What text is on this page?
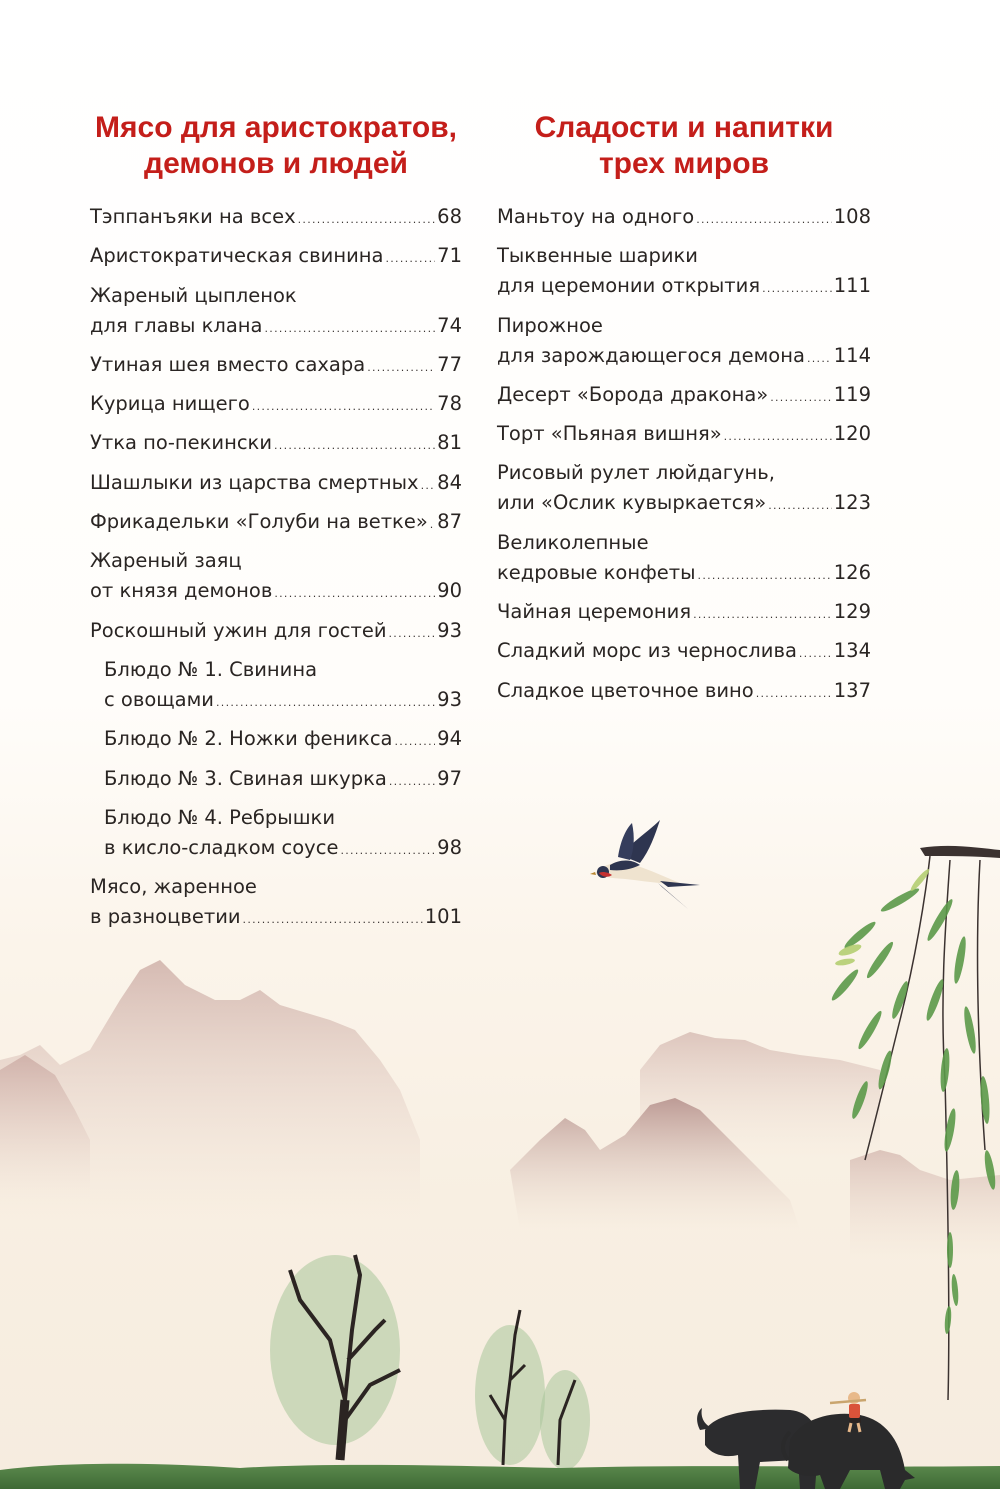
Мясо для аристократов,
демонов и людей
Тэппанъяки на всех .....	68
Аристократическая свинина .....	71
Жареный цыпленок
для главы клана .....	74
Утиная шея вместо сахара .....	77
Курица нищего .....	78
Утка по-пекински .....	81
Шашлыки из царства смертных ..... 84
Фрикадельки «Голуби на ветке» ..... 87
Жареный заяц
от князя демонов .....	90
Роскошный ужин для гостей .....	93
Блюдо № 1. Свинина
с овощами .....	93
Блюдо № 2. Ножки феникса ..... 94
Блюдо № 3. Свиная шкурка .....	97
Блюдо № 4. Ребрышки
в кисло-сладком соусе .....	98
Мясо, жаренное
в разноцветии .....	101
Сладости и напитки
трех миров
Маньтоу на одного .....	108
Тыквенные шарики
для церемонии открытия .....	111
Пирожное
для зарождающегося демона ..... 114
Десерт «Борода дракона» .....	119
Торт «Пьяная вишня» .....	120
Рисовый рулет люйдагунь,
или «Ослик кувыркается» .....	123
Великолепные
кедровые конфеты .....	126
Чайная церемония .....	129
Сладкий морс из чернослива ..... 134
Сладкое цветочное вино .....	137
